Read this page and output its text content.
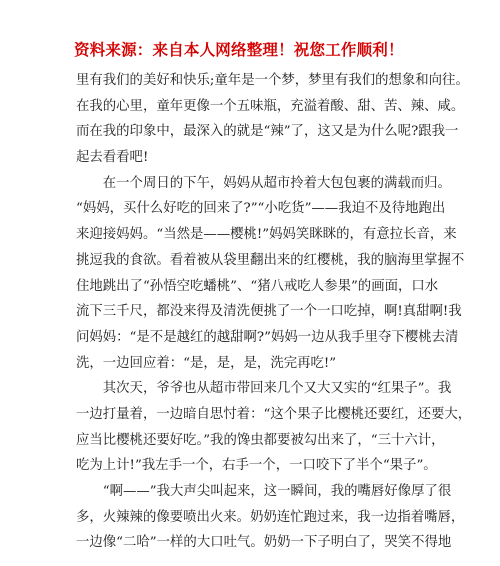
资料来源：来自本人网络整理！祝您工作顺利！
里有我们的美好和快乐;童年是一个梦，梦里有我们的想象和向往。
在我的心里，童年更像一个五味瓶，充溢着酸、甜、苦、辣、咸。
而在我的印象中，最深入的就是“辣”了，这又是为什么呢?跟我一
起去看看吧!
　　在一个周日的下午，妈妈从超市拎着大包包裹的满载而归。
“妈妈，买什么好吃的回来了?”“小吃货”——我迫不及待地跑出
来迎接妈妈。“当然是——樱桃!”妈妈笑眯眯的，有意拉长音，来
挑逗我的食欲。看着被从袋里翻出来的红樱桃，我的脑海里掌握不
住地跳出了“孙悟空吃蟠桃”、“猪八戒吃人参果”的画面，口水
流下三千尺，都没来得及清洗便挑了一个一口吃掉，啊!真甜啊!我
问妈妈：“是不是越红的越甜啊?”妈妈一边从我手里夺下樱桃去清
洗，一边回应着：“是，是，是，洗完再吃!”
　　其次天，爷爷也从超市带回来几个又大又实的“红果子”。我
一边打量着，一边暗自思忖着：“这个果子比樱桃还要红，还要大，
应当比樱桃还要好吃。”我的馋虫都要被勾出来了，“三十六计，
吃为上计!”我左手一个，右手一个，一口咬下了半个“果子”。
　　“啊——”我大声尖叫起来，这一瞬间，我的嘴唇好像厚了很
多，火辣辣的像要喷出火来。奶奶连忙跑过来，我一边指着嘴唇，
一边像“二哈”一样的大口吐气。奶奶一下子明白了，哭笑不得地
